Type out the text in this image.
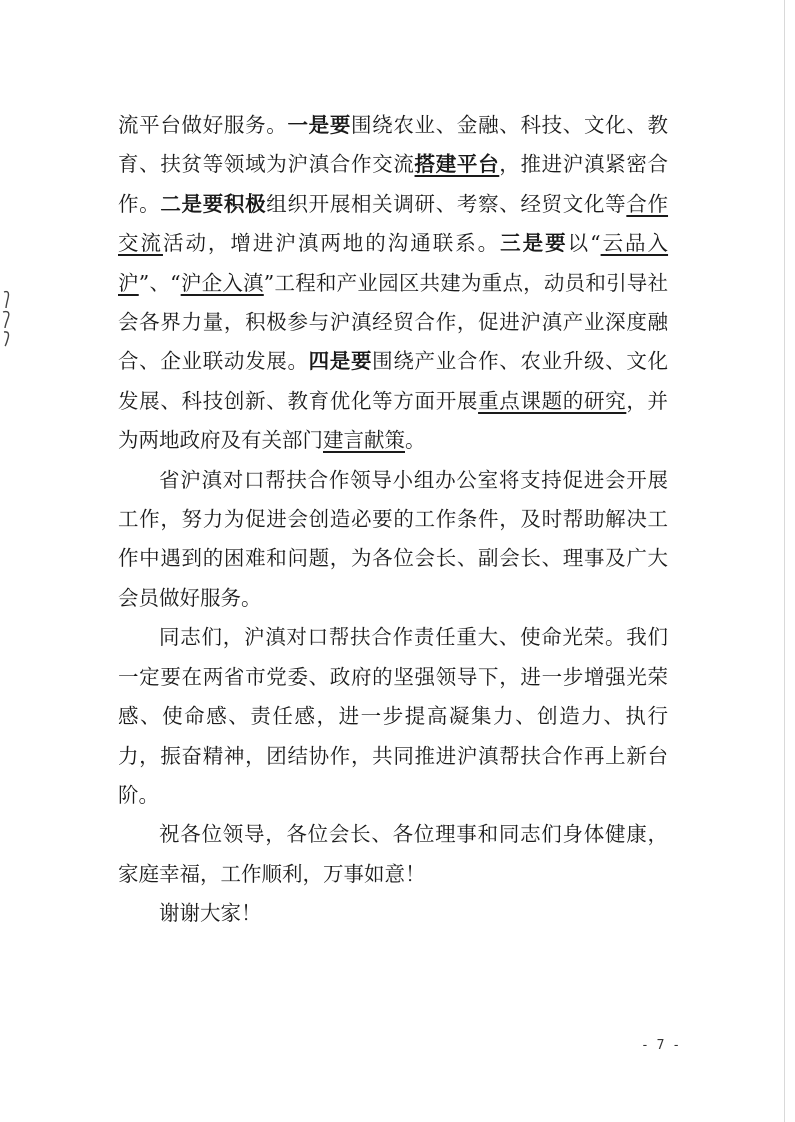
流平台做好服务。一是要围绕农业、金融、科技、文化、教育、扶贫等领域为沪滇合作交流搭建平台，推进沪滇紧密合作。二是要积极组织开展相关调研、考察、经贸文化等合作交流活动，增进沪滇两地的沟通联系。三是要以“云品入沪”、“沪企入滇”工程和产业园区共建为重点，动员和引导社会各界力量，积极参与沪滇经贸合作，促进沪滇产业深度融合、企业联动发展。四是要围绕产业合作、农业升级、文化发展、科技创新、教育优化等方面开展重点课题的研究，并为两地政府及有关部门建言献策。

省沪滇对口帮扶合作领导小组办公室将支持促进会开展工作，努力为促进会创造必要的工作条件，及时帮助解决工作中遇到的困难和问题，为各位会长、副会长、理事及广大会员做好服务。

同志们，沪滇对口帮扶合作责任重大、使命光荣。我们一定要在两省市党委、政府的坚强领导下，进一步增强光荣感、使命感、责任感，进一步提高凝集力、创造力、执行力，振奋精神，团结协作，共同推进沪滇帮扶合作再上新台阶。

祝各位领导，各位会长、各位理事和同志们身体健康，家庭幸福，工作顺利，万事如意！

谢谢大家！

- 7 -
